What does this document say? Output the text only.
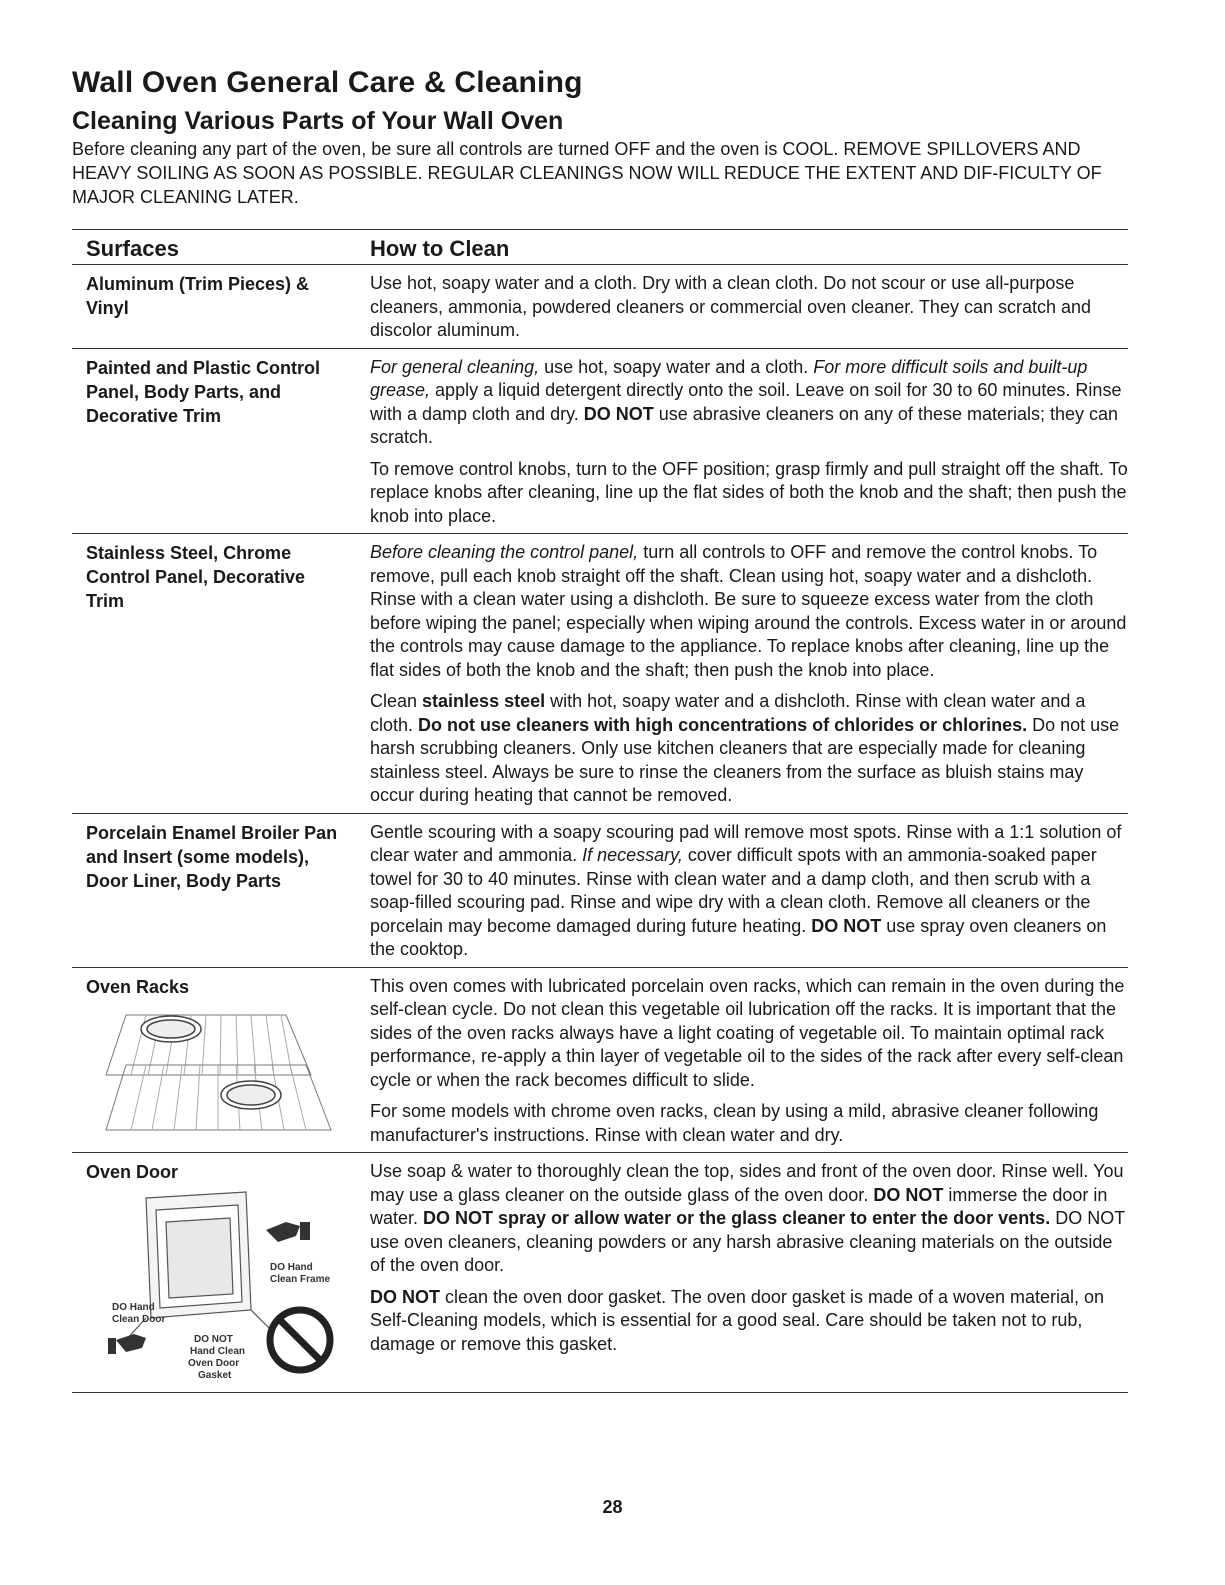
Wall Oven General Care & Cleaning
Cleaning Various Parts of Your Wall Oven

Before cleaning any part of the oven, be sure all controls are turned OFF and the oven is COOL. REMOVE SPILLOVERS AND HEAVY SOILING AS SOON AS POSSIBLE. REGULAR CLEANINGS NOW WILL REDUCE THE EXTENT AND DIF-FICULTY OF MAJOR CLEANING LATER.

Surfaces	How to Clean
Aluminum (Trim Pieces) & Vinyl

Use hot, soapy water and a cloth. Dry with a clean cloth. Do not scour or use all-purpose cleaners, ammonia, powdered cleaners or commercial oven cleaner. They can scratch and discolor aluminum.

Painted and Plastic Control Panel, Body Parts, and Decorative Trim

For general cleaning, use hot, soapy water and a cloth. For more difficult soils and built-up grease, apply a liquid detergent directly onto the soil. Leave on soil for 30 to 60 minutes. Rinse with a damp cloth and dry. DO NOT use abrasive cleaners on any of these materials; they can scratch.

To remove control knobs, turn to the OFF position; grasp firmly and pull straight off the shaft. To replace knobs after cleaning, line up the flat sides of both the knob and the shaft; then push the knob into place.

Stainless Steel, Chrome Control Panel, Decorative Trim

Before cleaning the control panel, turn all controls to OFF and remove the control knobs. To remove, pull each knob straight off the shaft. Clean using hot, soapy water and a dishcloth. Rinse with a clean water using a dishcloth. Be sure to squeeze excess water from the cloth before wiping the panel; especially when wiping around the controls. Excess water in or around the controls may cause damage to the appliance. To replace knobs after cleaning, line up the flat sides of both the knob and the shaft; then push the knob into place.

Clean stainless steel with hot, soapy water and a dishcloth. Rinse with clean water and a cloth. Do not use cleaners with high concentrations of chlorides or chlorines. Do not use harsh scrubbing cleaners. Only use kitchen cleaners that are especially made for cleaning stainless steel. Always be sure to rinse the cleaners from the surface as bluish stains may occur during heating that cannot be removed.

Porcelain Enamel Broiler Pan and Insert (some models), Door Liner, Body Parts

Gentle scouring with a soapy scouring pad will remove most spots. Rinse with a 1:1 solution of clear water and ammonia. If necessary, cover difficult spots with an ammonia-soaked paper towel for 30 to 40 minutes. Rinse with clean water and a damp cloth, and then scrub with a soap-filled scouring pad. Rinse and wipe dry with a clean cloth. Remove all cleaners or the porcelain may become damaged during future heating. DO NOT use spray oven cleaners on the cooktop.

Oven Racks	This oven comes with lubricated porcelain oven racks, which can remain in the oven during the self-clean cycle. Do not clean this vegetable oil lubrication off the racks. It is important that the sides of the oven racks always have a light coating of vegetable oil. To maintain optimal rack performance, re-apply a thin layer of vegetable oil to the sides of the rack after every self-clean cycle or when the rack becomes difficult to slide.

For some models with chrome oven racks, clean by using a mild, abrasive cleaner following manufacturer's instructions. Rinse with clean water and dry.

Oven Door
DO Hand
Clean Frame
DO Hand
Clean Door
DO NOT
Hand Clean
Oven Door
Gasket

Use soap & water to thoroughly clean the top, sides and front of the oven door. Rinse well. You may use a glass cleaner on the outside glass of the oven door. DO NOT immerse the door in water. DO NOT spray or allow water or the glass cleaner to enter the door vents. DO NOT use oven cleaners, cleaning powders or any harsh abrasive cleaning materials on the outside of the oven door.

DO NOT clean the oven door gasket. The oven door gasket is made of a woven material, on Self-Cleaning models, which is essential for a good seal. Care should be taken not to rub, damage or remove this gasket.

28
